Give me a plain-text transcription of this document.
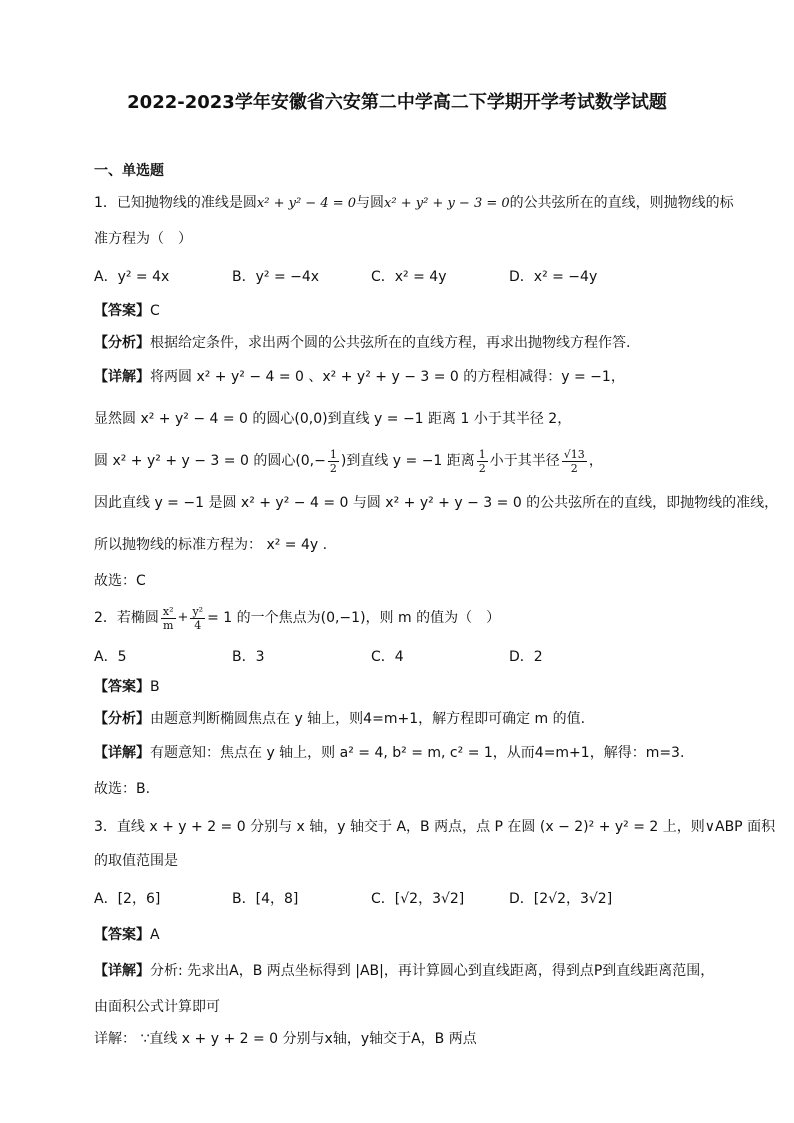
2022-2023学年安徽省六安第二中学高二下学期开学考试数学试题
一、单选题
1．已知抛物线的准线是圆x² + y² − 4 = 0与圆x² + y² + y − 3 = 0的公共弦所在的直线，则抛物线的标
准方程为（　）
A．y² = 4x	B．y² = −4x	C．x² = 4y	D．x² = −4y
【答案】C
【分析】根据给定条件，求出两个圆的公共弦所在的直线方程，再求出抛物线方程作答.
【详解】将两圆 x² + y² − 4 = 0 、x² + y² + y − 3 = 0 的方程相减得：y = −1，
显然圆 x² + y² − 4 = 0 的圆心(0,0)到直线 y = −1 距离 1 小于其半径 2，
圆 x² + y² + y − 3 = 0 的圆心($0,- \frac{1}{2}$ )到直线 y = −1 距离 $\frac{1}{2}$ 小于其半径 $\frac{√13}{2}$ ，
因此直线 y = −1 是圆 x² + y² − 4 = 0 与圆 x² + y² + y − 3 = 0 的公共弦所在的直线，即抛物线的准线，
所以抛物线的标准方程为： x² = 4y .
故选：C
2．若椭圆 $\frac{\text{x²}}{m} + \frac{\text{y²}}{4} = 1$ 的一个焦点为(0,−1)，则 m 的值为（　）
A．5	B．3	C．4	D．2
【答案】B
【分析】由题意判断椭圆焦点在 y 轴上，则4=m+1，解方程即可确定 m 的值.
【详解】有题意知：焦点在 y 轴上，则 a² = 4, b² = m, c² = 1，从而4=m+1，解得：m=3.
故选：B.
3．直线 x + y + 2 = 0 分别与 x 轴，y 轴交于 A，B 两点，点 P 在圆 (x − 2)² + y² = 2 上，则∨ABP 面积
的取值范围是
A．[2，6]	B．[4，8]	C．[√2，3√2]	D．[2√2，3√2]
【答案】A
【详解】分析: 先求出A，B 两点坐标得到 |AB|，再计算圆心到直线距离，得到点P到直线距离范围，
由面积公式计算即可
详解： ∵直线 x + y + 2 = 0 分别与x轴，y轴交于A，B 两点
